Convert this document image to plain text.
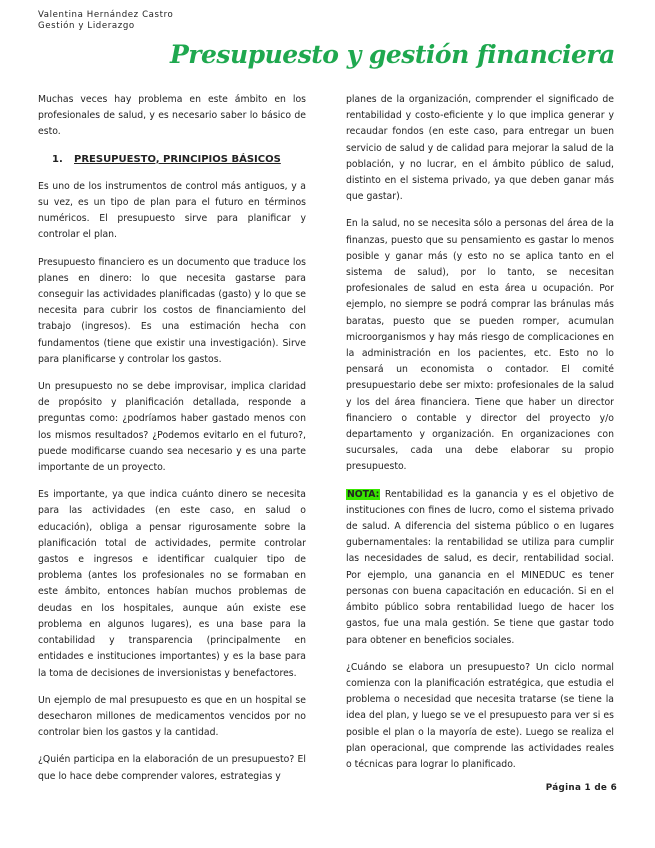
Valentina Hernández Castro
Gestión y Liderazgo
Presupuesto y gestión financiera

Muchas veces hay problema en este ámbito en los profesionales de salud, y es necesario saber lo básico de esto.

1. PRESUPUESTO, PRINCIPIOS BÁSICOS

Es uno de los instrumentos de control más antiguos, y a su vez, es un tipo de plan para el futuro en términos numéricos. El presupuesto sirve para planificar y controlar el plan.

Presupuesto financiero es un documento que traduce los planes en dinero: lo que necesita gastarse para conseguir las actividades planificadas (gasto) y lo que se necesita para cubrir los costos de financiamiento del trabajo (ingresos). Es una estimación hecha con fundamentos (tiene que existir una investigación). Sirve para planificarse y controlar los gastos.

Un presupuesto no se debe improvisar, implica claridad de propósito y planificación detallada, responde a preguntas como: ¿podríamos haber gastado menos con los mismos resultados? ¿Podemos evitarlo en el futuro?, puede modificarse cuando sea necesario y es una parte importante de un proyecto.

Es importante, ya que indica cuánto dinero se necesita para las actividades (en este caso, en salud o educación), obliga a pensar rigurosamente sobre la planificación total de actividades, permite controlar gastos e ingresos e identificar cualquier tipo de problema (antes los profesionales no se formaban en este ámbito, entonces habían muchos problemas de deudas en los hospitales, aunque aún existe ese problema en algunos lugares), es una base para la contabilidad y transparencia (principalmente en entidades e instituciones importantes) y es la base para la toma de decisiones de inversionistas y benefactores.

Un ejemplo de mal presupuesto es que en un hospital se desecharon millones de medicamentos vencidos por no controlar bien los gastos y la cantidad.

¿Quién participa en la elaboración de un presupuesto? El que lo hace debe comprender valores, estrategias y

planes de la organización, comprender el significado de rentabilidad y costo-eficiente y lo que implica generar y recaudar fondos (en este caso, para entregar un buen servicio de salud y de calidad para mejorar la salud de la población, y no lucrar, en el ámbito público de salud, distinto en el sistema privado, ya que deben ganar más que gastar).

En la salud, no se necesita sólo a personas del área de la finanzas, puesto que su pensamiento es gastar lo menos posible y ganar más (y esto no se aplica tanto en el sistema de salud), por lo tanto, se necesitan profesionales de salud en esta área u ocupación. Por ejemplo, no siempre se podrá comprar las bránulas más baratas, puesto que se pueden romper, acumulan microorganismos y hay más riesgo de complicaciones en la administración en los pacientes, etc. Esto no lo pensará un economista o contador. El comité presupuestario debe ser mixto: profesionales de la salud y los del área financiera. Tiene que haber un director financiero o contable y director del proyecto y/o departamento y organización. En organizaciones con sucursales, cada una debe elaborar su propio presupuesto.

NOTA: Rentabilidad es la ganancia y es el objetivo de instituciones con fines de lucro, como el sistema privado de salud. A diferencia del sistema público o en lugares gubernamentales: la rentabilidad se utiliza para cumplir las necesidades de salud, es decir, rentabilidad social. Por ejemplo, una ganancia en el MINEDUC es tener personas con buena capacitación en educación. Si en el ámbito público sobra rentabilidad luego de hacer los gastos, fue una mala gestión. Se tiene que gastar todo para obtener en beneficios sociales.

¿Cuándo se elabora un presupuesto? Un ciclo normal comienza con la planificación estratégica, que estudia el problema o necesidad que necesita tratarse (se tiene la idea del plan, y luego se ve el presupuesto para ver si es posible el plan o la mayoría de este). Luego se realiza el plan operacional, que comprende las actividades reales o técnicas para lograr lo planificado.

Página 1 de 6
